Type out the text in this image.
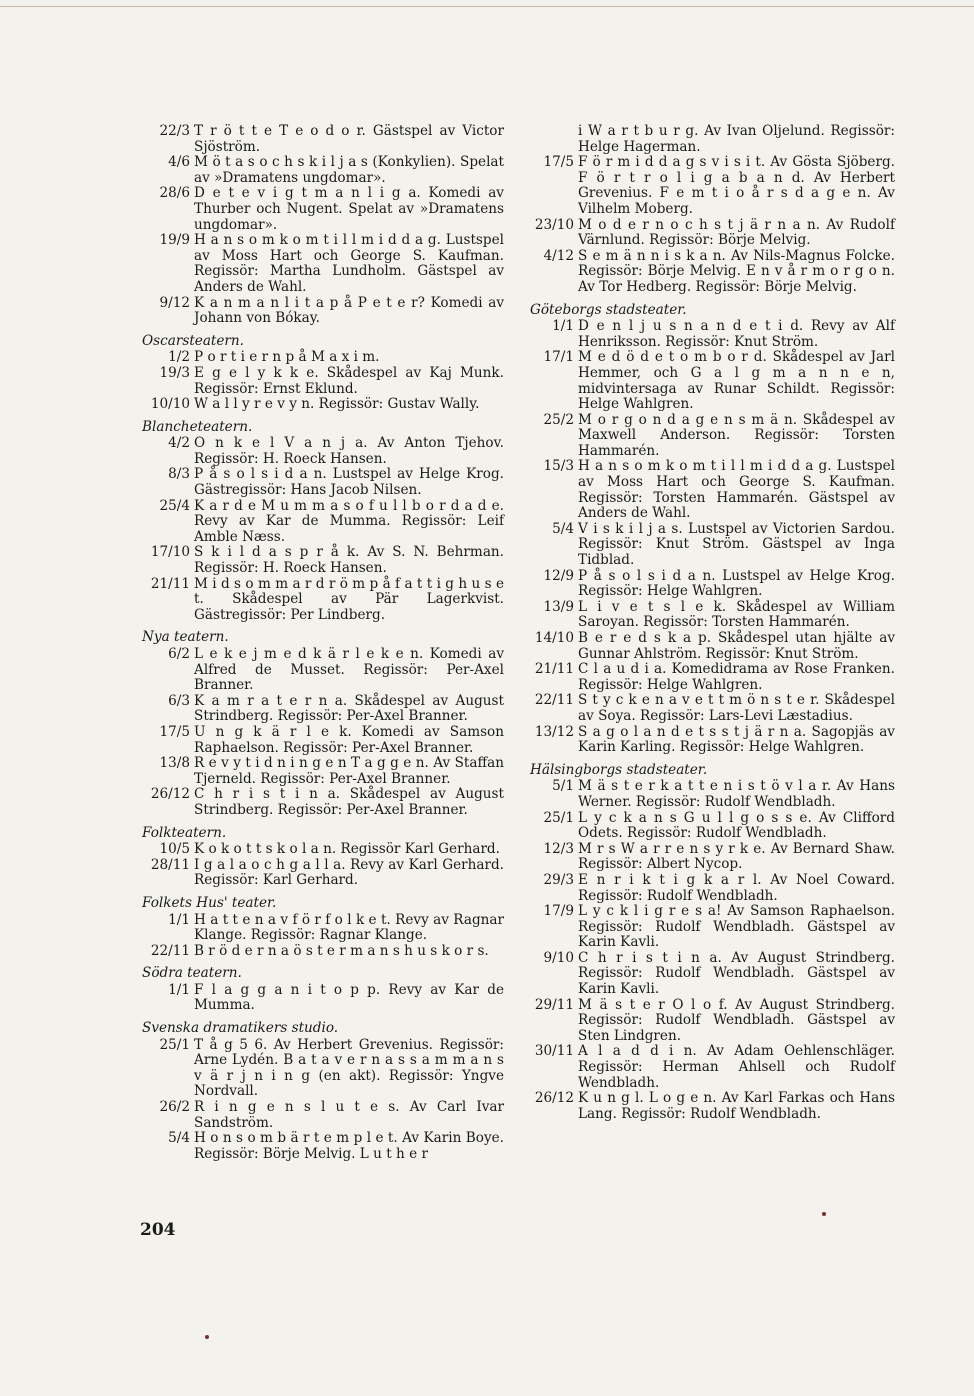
22/3 T r ö t t e T e o d o r. Gästspel av Victor Sjöström.
4/6 M ö t a s o c h s k i l j a s (Konkylien). Spelat av »Dramatens ungdomar».
28/6 D e t e v i g t m a n l i g a. Komedi av Thurber och Nugent. Spelat av »Dramatens ungdomar».
19/9 H a n s o m k o m t i l l m i d d a g. Lustspel av Moss Hart och George S. Kaufman. Regissör: Martha Lundholm. Gästspel av Anders de Wahl.
9/12 K a n m a n l i t a p å P e t e r? Komedi av Johann von Bókay.
Oscarsteatern.
1/2 P o r t i e r n p å M a x i m.
19/3 E g e l y k k e. Skådespel av Kaj Munk. Regissör: Ernst Eklund.
10/10 W a l l y r e v y n. Regissör: Gustav Wally.
Blancheteatern.
4/2 O n k e l V a n j a. Av Anton Tjehov. Regissör: H. Roeck Hansen.
8/3 P å s o l s i d a n. Lustspel av Helge Krog. Gästregissör: Hans Jacob Nilsen.
25/4 K a r d e M u m m a s o f u l l b o r d a d e. Revy av Kar de Mumma. Regissör: Leif Amble Næss.
17/10 S k i l d a s p r å k. Av S. N. Behrman. Regissör: H. Roeck Hansen.
21/11 M i d s o m m a r d r ö m p å f a t t i g h u s e t. Skådespel av Pär Lagerkvist. Gästregissör: Per Lindberg.
Nya teatern.
6/2 L e k e j m e d k ä r l e k e n. Komedi av Alfred de Musset. Regissör: Per-Axel Branner.
6/3 K a m r a t e r n a. Skådespel av August Strindberg. Regissör: Per-Axel Branner.
17/5 U n g k ä r l e k. Komedi av Samson Raphaelson. Regissör: Per-Axel Branner.
13/8 R e v y t i d n i n g e n T a g g e n. Av Staffan Tjerneld. Regissör: Per-Axel Branner.
26/12 C h r i s t i n a. Skådespel av August Strindberg. Regissör: Per-Axel Branner.
Folkteatern.
10/5 K o k o t t s k o l a n. Regissör Karl Gerhard.
28/11 I g a l a o c h g a l l a. Revy av Karl Gerhard. Regissör: Karl Gerhard.
Folkets Hus' teater.
1/1 H a t t e n a v f ö r f o l k e t. Revy av Ragnar Klange. Regissör: Ragnar Klange.
22/11 B r ö d e r n a ö s t e r m a n s h u s k o r s.
Södra teatern.
1/1 F l a g g a n i t o p p. Revy av Kar de Mumma.
Svenska dramatikers studio.
25/1 T å g 5 6. Av Herbert Grevenius. Regissör: Arne Lydén. B a t a v e r n a s s a m m a n s v ä r j n i n g (en akt). Regissör: Yngve Nordvall.
26/2 R i n g e n s l u t e s. Av Carl Ivar Sandström.
5/4 H o n s o m b ä r t e m p l e t. Av Karin Boye. Regissör: Börje Melvig. L u t h e r
i W a r t b u r g. Av Ivan Oljelund. Regissör: Helge Hagerman.
17/5 F ö r m i d d a g s v i s i t. Av Gösta Sjöberg. F ö r t r o l i g a b a n d. Av Herbert Grevenius. F e m t i o å r s d a g e n. Av Vilhelm Moberg.
23/10 M o d e r n o c h s t j ä r n a n. Av Rudolf Värnlund. Regissör: Börje Melvig.
4/12 S e m ä n n i s k a n. Av Nils-Magnus Folcke. Regissör: Börje Melvig. E n v å r m o r g o n. Av Tor Hedberg. Regissör: Börje Melvig.
Göteborgs stadsteater.
1/1 D e n l j u s n a n d e t i d. Revy av Alf Henriksson. Regissör: Knut Ström.
17/1 M e d ö d e t o m b o r d. Skådespel av Jarl Hemmer, och G a l g m a n n e n, midvintersaga av Runar Schildt. Regissör: Helge Wahlgren.
25/2 M o r g o n d a g e n s m ä n. Skådespel av Maxwell Anderson. Regissör: Torsten Hammarén.
15/3 H a n s o m k o m t i l l m i d d a g. Lustspel av Moss Hart och George S. Kaufman. Regissör: Torsten Hammarén. Gästspel av Anders de Wahl.
5/4 V i s k i l j a s. Lustspel av Victorien Sardou. Regissör: Knut Ström. Gästspel av Inga Tidblad.
12/9 P å s o l s i d a n. Lustspel av Helge Krog. Regissör: Helge Wahlgren.
13/9 L i v e t s l e k. Skådespel av William Saroyan. Regissör: Torsten Hammarén.
14/10 B e r e d s k a p. Skådespel utan hjälte av Gunnar Ahlström. Regissör: Knut Ström.
21/11 C l a u d i a. Komedidrama av Rose Franken. Regissör: Helge Wahlgren.
22/11 S t y c k e n a v e t t m ö n s t e r. Skådespel av Soya. Regissör: Lars-Levi Læstadius.
13/12 S a g o l a n d e t s s t j ä r n a. Sagopjäs av Karin Karling. Regissör: Helge Wahlgren.
Hälsingborgs stadsteater.
5/1 M ä s t e r k a t t e n i s t ö v l a r. Av Hans Werner. Regissör: Rudolf Wendbladh.
25/1 L y c k a n s G u l l g o s s e. Av Clifford Odets. Regissör: Rudolf Wendbladh.
12/3 M r s W a r r e n s y r k e. Av Bernard Shaw. Regissör: Albert Nycop.
29/3 E n r i k t i g k a r l. Av Noel Coward. Regissör: Rudolf Wendbladh.
17/9 L y c k l i g r e s a! Av Samson Raphaelson. Regissör: Rudolf Wendbladh. Gästspel av Karin Kavli.
9/10 C h r i s t i n a. Av August Strindberg. Regissör: Rudolf Wendbladh. Gästspel av Karin Kavli.
29/11 M ä s t e r O l o f. Av August Strindberg. Regissör: Rudolf Wendbladh. Gästspel av Sten Lindgren.
30/11 A l a d d i n. Av Adam Oehlenschläger. Regissör: Herman Ahlsell och Rudolf Wendbladh.
26/12 K u n g l. L o g e n. Av Karl Farkas och Hans Lang. Regissör: Rudolf Wendbladh.
204
